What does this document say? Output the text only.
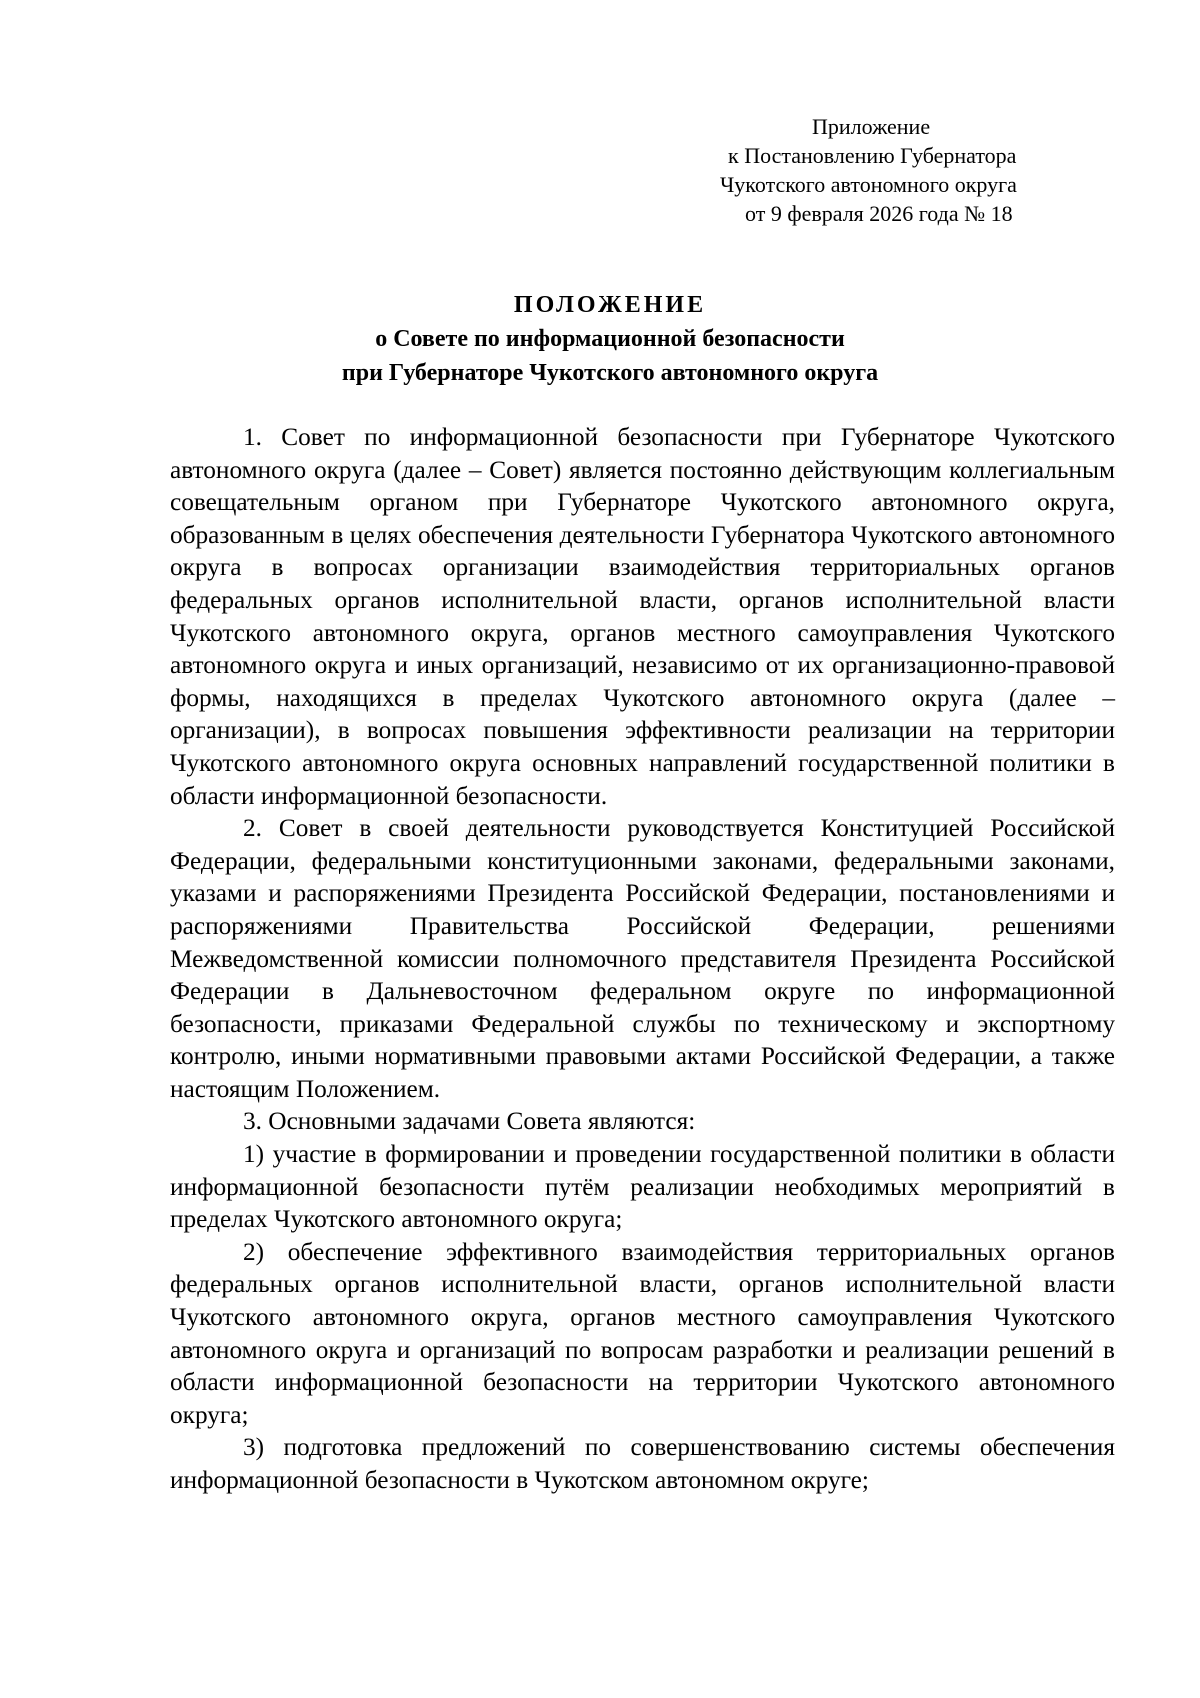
Приложение
к Постановлению Губернатора
Чукотского автономного округа
от 9 февраля 2026 года № 18
ПОЛОЖЕНИЕ
о Совете по информационной безопасности
при Губернаторе Чукотского автономного округа

1. Совет по информационной безопасности при Губернаторе Чукотского автономного округа (далее – Совет) является постоянно действующим коллегиальным совещательным органом при Губернаторе Чукотского автономного округа, образованным в целях обеспечения деятельности Губернатора Чукотского автономного округа в вопросах организации взаимодействия территориальных органов федеральных органов исполнительной власти, органов исполнительной власти Чукотского автономного округа, органов местного самоуправления Чукотского автономного округа и иных организаций, независимо от их организационно-правовой формы, находящихся в пределах Чукотского автономного округа (далее – организации), в вопросах повышения эффективности реализации на территории Чукотского автономного округа основных направлений государственной политики в области информационной безопасности.

2. Совет в своей деятельности руководствуется Конституцией Российской Федерации, федеральными конституционными законами, федеральными законами, указами и распоряжениями Президента Российской Федерации, постановлениями и распоряжениями Правительства Российской Федерации, решениями Межведомственной комиссии полномочного представителя Президента Российской Федерации в Дальневосточном федеральном округе по информационной безопасности, приказами Федеральной службы по техническому и экспортному контролю, иными нормативными правовыми актами Российской Федерации, а также настоящим Положением.

3. Основными задачами Совета являются:

1) участие в формировании и проведении государственной политики в области информационной безопасности путём реализации необходимых мероприятий в пределах Чукотского автономного округа;

2) обеспечение эффективного взаимодействия территориальных органов федеральных органов исполнительной власти, органов исполнительной власти Чукотского автономного округа, органов местного самоуправления Чукотского автономного округа и организаций по вопросам разработки и реализации решений в области информационной безопасности на территории Чукотского автономного округа;

3) подготовка предложений по совершенствованию системы обеспечения информационной безопасности в Чукотском автономном округе;
